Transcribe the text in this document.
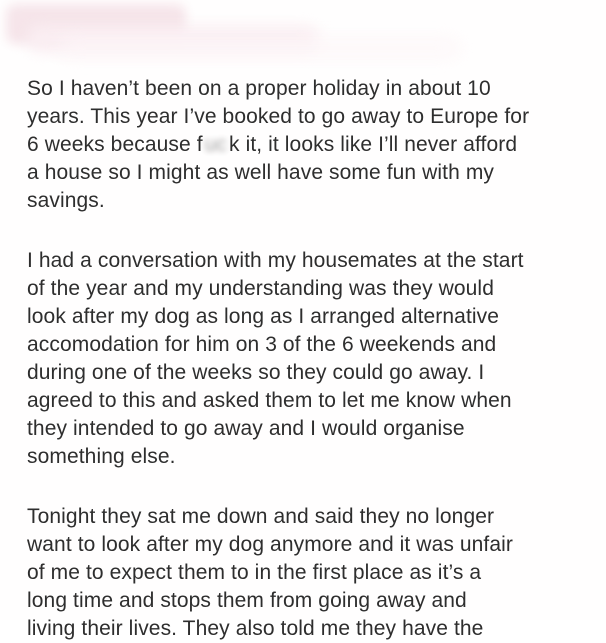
So I haven’t been on a proper holiday in about 10
years. This year I’ve booked to go away to Europe for
6 weeks because fuck it, it looks like I’ll never afford
a house so I might as well have some fun with my
savings.

I had a conversation with my housemates at the start
of the year and my understanding was they would
look after my dog as long as I arranged alternative
accomodation for him on 3 of the 6 weekends and
during one of the weeks so they could go away. I
agreed to this and asked them to let me know when
they intended to go away and I would organise
something else.

Tonight they sat me down and said they no longer
want to look after my dog anymore and it was unfair
of me to expect them to in the first place as it’s a
long time and stops them from going away and
living their lives. They also told me they have the
